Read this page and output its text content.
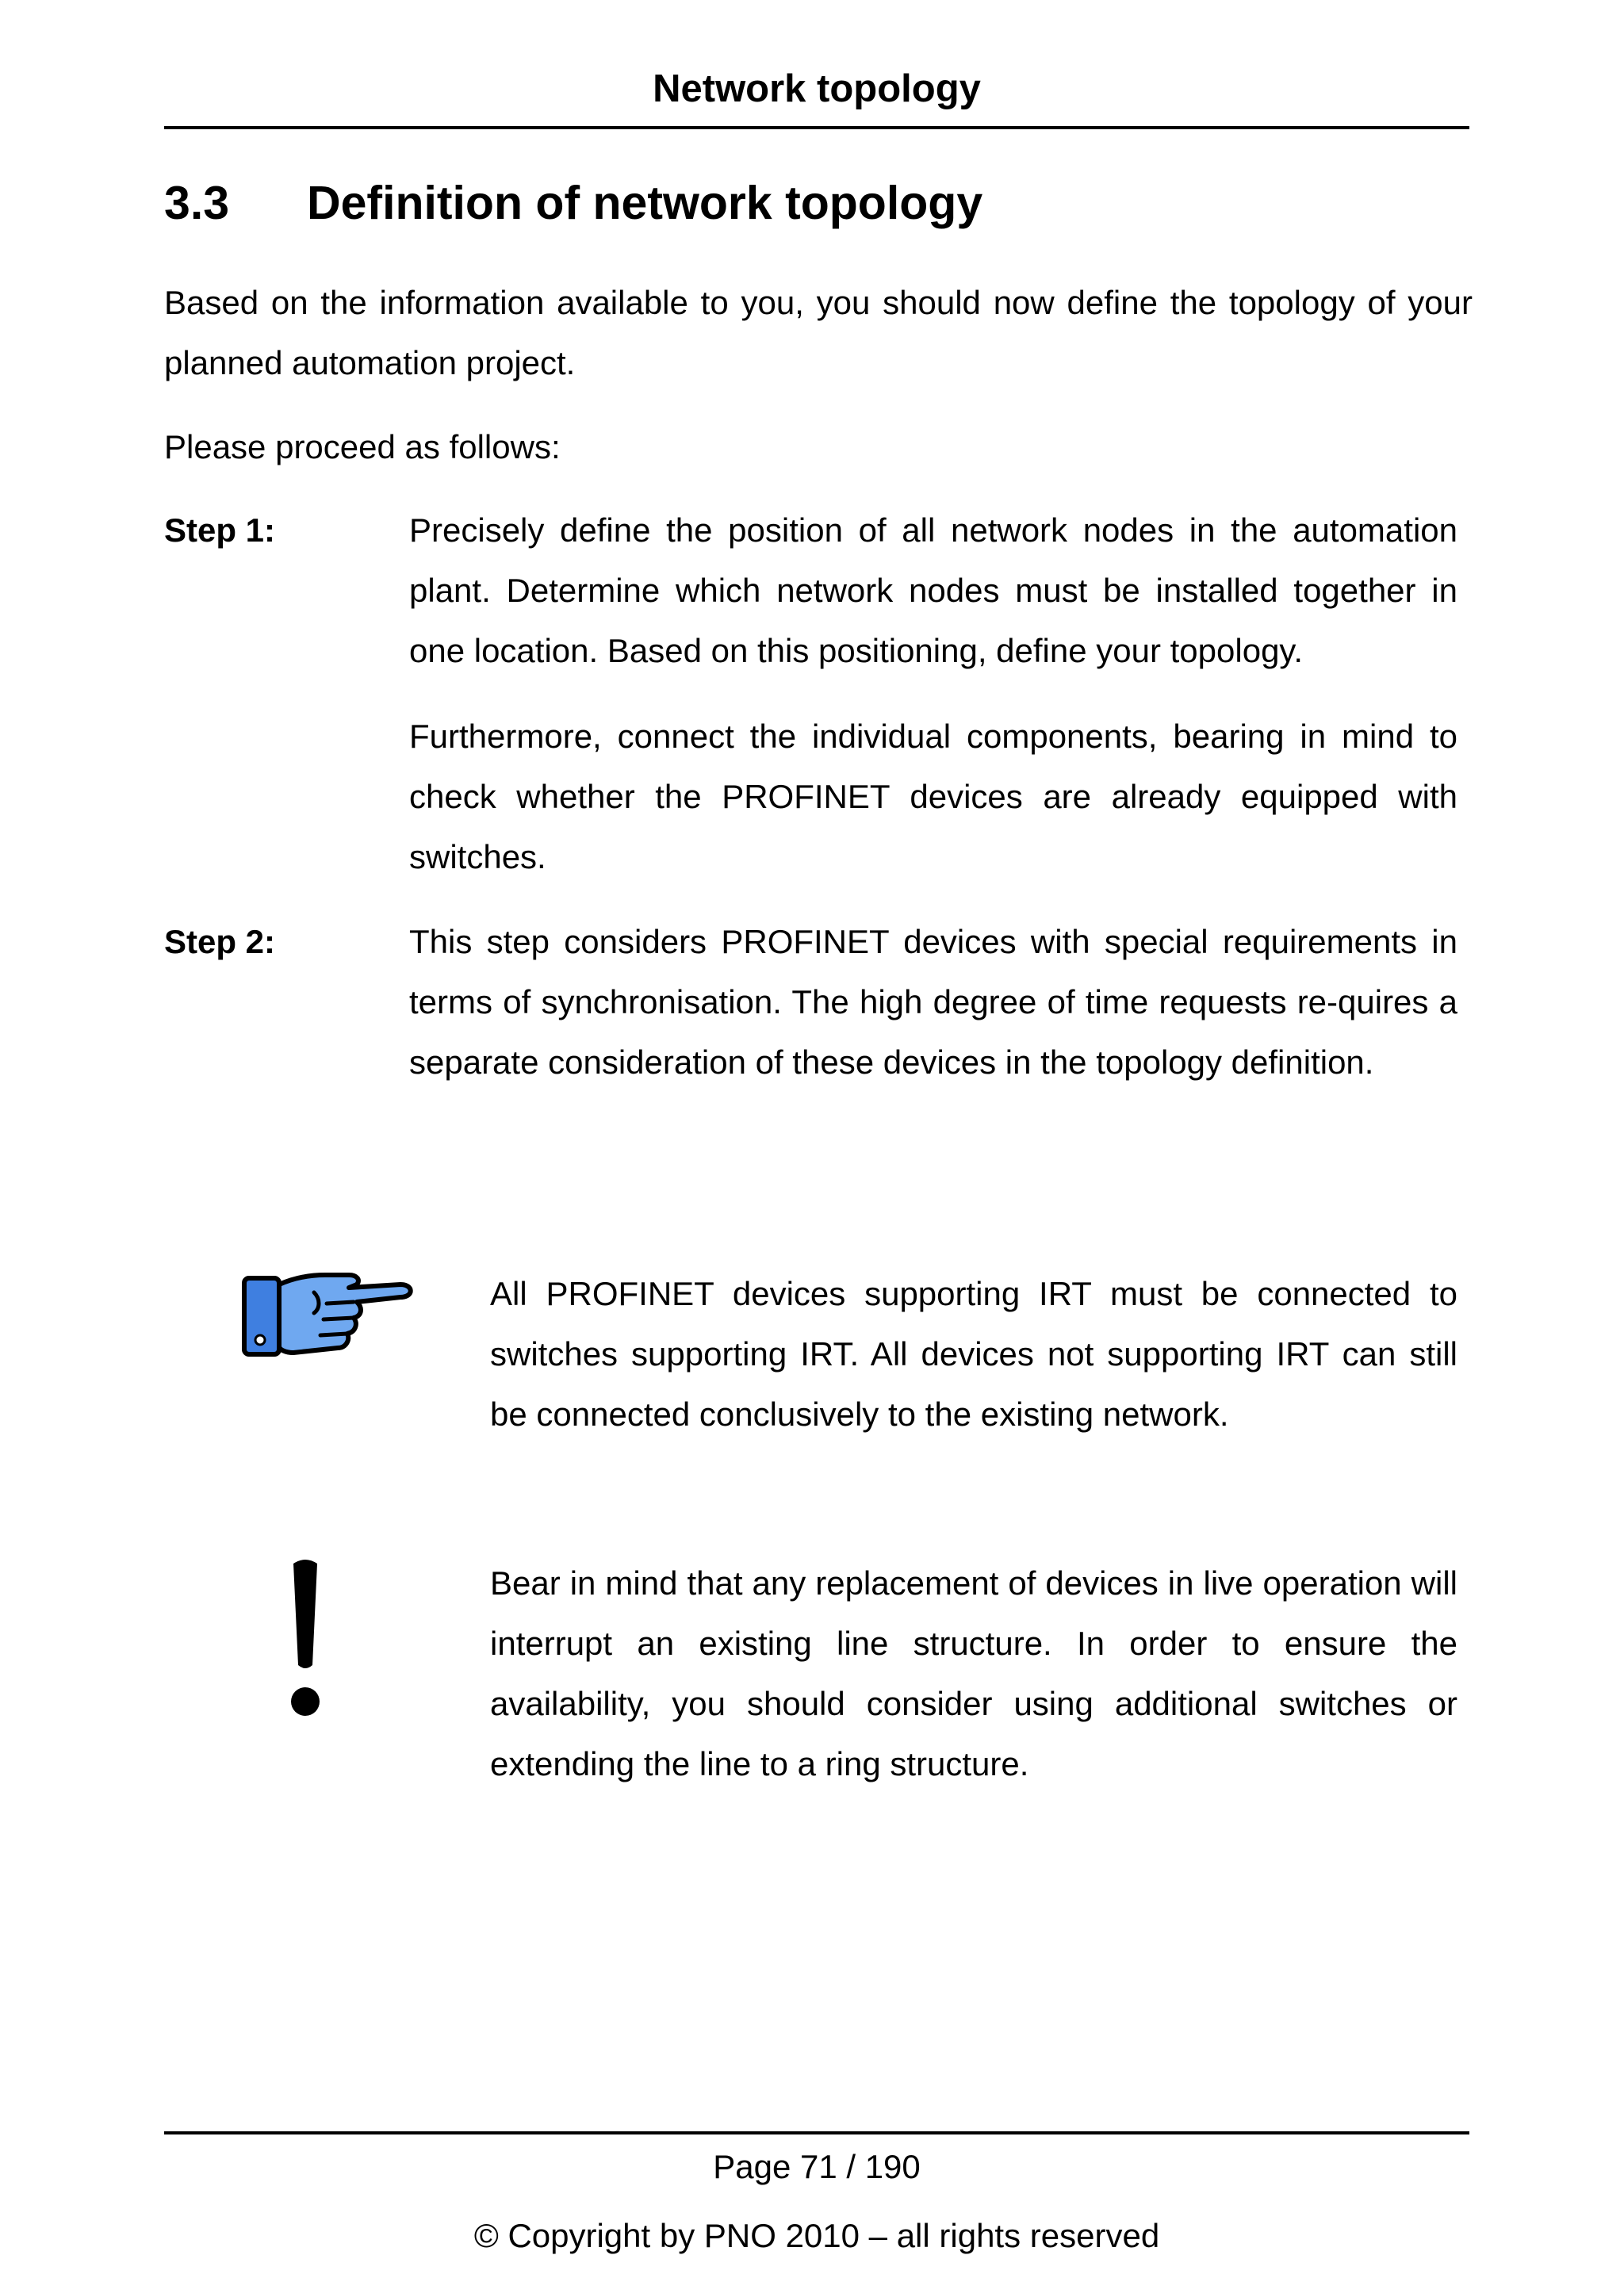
Network topology
3.3 Definition of network topology
Based on the information available to you, you should now define the topology of your planned automation project.
Please proceed as follows:
Step 1:	Precisely define the position of all network nodes in the automation plant. Determine which network nodes must be installed together in one location. Based on this positioning, define your topology.
Furthermore, connect the individual components, bearing in mind to check whether the PROFINET devices are already equipped with switches.
Step 2:	This step considers PROFINET devices with special requirements in terms of synchronisation. The high degree of time requests re-quires a separate consideration of these devices in the topology definition.
All PROFINET devices supporting IRT must be connected to switches supporting IRT. All devices not supporting IRT can still be connected conclusively to the existing network.
Bear in mind that any replacement of devices in live operation will interrupt an existing line structure. In order to ensure the availability, you should consider using additional switches or extending the line to a ring structure.
Page 71 / 190
© Copyright by PNO 2010 – all rights reserved
